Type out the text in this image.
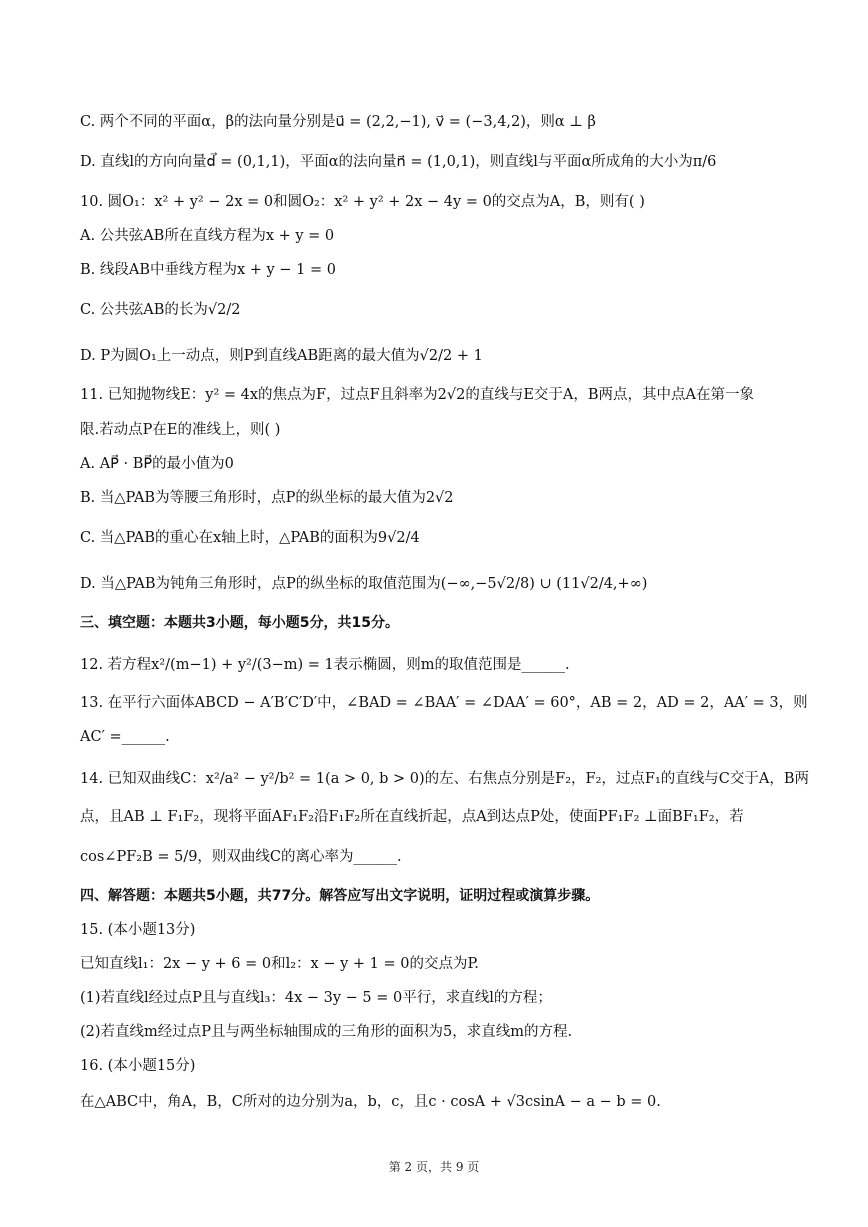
C. 两个不同的平面α，β的法向量分别是u⃗ = (2,2,−1), v⃗ = (−3,4,2)，则α ⊥ β
D. 直线l的方向向量d⃗ = (0,1,1)，平面α的法向量n⃗ = (1,0,1)，则直线l与平面α所成角的大小为π/6
10. 圆O₁：x² + y² − 2x = 0和圆O₂：x² + y² + 2x − 4y = 0的交点为A，B，则有( )
A. 公共弦AB所在直线方程为x + y = 0
B. 线段AB中垂线方程为x + y − 1 = 0
C. 公共弦AB的长为√2/2
D. P为圆O₁上一动点，则P到直线AB距离的最大值为√2/2 + 1
11. 已知抛物线E：y² = 4x的焦点为F，过点F且斜率为2√2的直线与E交于A，B两点，其中点A在第一象
限.若动点P在E的准线上，则( )
A. AP⃗ · BP⃗的最小值为0
B. 当△PAB为等腰三角形时，点P的纵坐标的最大值为2√2
C. 当△PAB的重心在x轴上时，△PAB的面积为9√2/4
D. 当△PAB为钝角三角形时，点P的纵坐标的取值范围为(−∞,−5√2/8) ∪ (11√2/4,+∞)
三、填空题：本题共3小题，每小题5分，共15分。
12. 若方程x²/(m−1) + y²/(3−m) = 1表示椭圆，则m的取值范围是______.
13. 在平行六面体ABCD − A′B′C′D′中，∠BAD = ∠BAA′ = ∠DAA′ = 60°，AB = 2，AD = 2，AA′ = 3，则
AC′ =______.
14. 已知双曲线C：x²/a² − y²/b² = 1(a > 0, b > 0)的左、右焦点分别是F₂，F₂，过点F₁的直线与C交于A，B两
点，且AB ⊥ F₁F₂，现将平面AF₁F₂沿F₁F₂所在直线折起，点A到达点P处，使面PF₁F₂ ⊥面BF₁F₂，若
cos∠PF₂B = 5/9，则双曲线C的离心率为______.
四、解答题：本题共5小题，共77分。解答应写出文字说明，证明过程或演算步骤。
15. (本小题13分)
已知直线l₁：2x − y + 6 = 0和l₂：x − y + 1 = 0的交点为P.
(1)若直线l经过点P且与直线l₃：4x − 3y − 5 = 0平行，求直线l的方程；
(2)若直线m经过点P且与两坐标轴围成的三角形的面积为5，求直线m的方程.
16. (本小题15分)
在△ABC中，角A，B，C所对的边分别为a，b，c，且c · cosA + √3csinA − a − b = 0.
第 2 页，共 9 页
